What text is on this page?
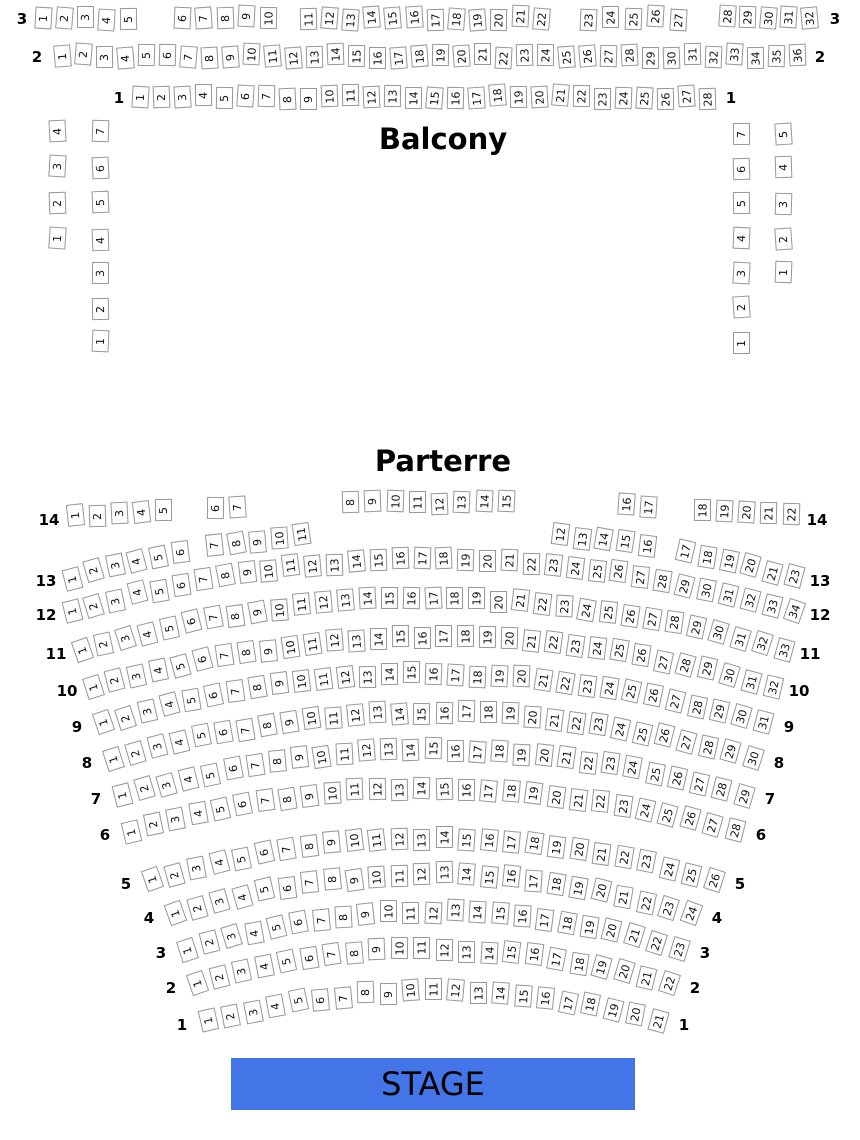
3	3
1 2 3 4 5	6 7 8 9 10 11 12 13 14 15 16 17 18 19 20 21 22	23 24 25 26 27	28 29 30 31 32
2	2
1 2 3 4 5 6 7 8 9 10 11 12 13 14 15 16 17 18 19 20 21 22 23 24 25 26 27 28 29 30 31 32 33 34 35 36
1	1
1 2 3 4
5 6 7 8 9 10 11 12 13 14 15 16 17 18 19 20 21 22 23 24 25 26 27 28
4
3
2
1
7
6
5
4
3
2
1
7
6
5
4
3
2
1
5
4
3
2
1
Balcony
Parterre
14	14
1 2 3 4 5	6 7
8 9 10 11 12 13 14 15	16 17	18 19 20 21 22
13	13
1
2 3 4 5
6
7 8 9 10 11	12 13 14 15 16 17 18 19 20 21 23
12	12
1 2
3
4 5
6
7 8 9 10 11 12 13 14 15 16 17 18 19 20 21 22 23 24 25 26 27 28 29 30 31 32 33 34
11	11
1 2
3 4
5
6 7 8 9 10 11 12 13 14 15 16 17 18 19 20 21 22 23 24 25 26 27 28 29 30 31 32 33
10	10
1
2 3
4 5
6 7 8 9 10 11 12 13 14 15 16 17 18 19 20 21 22 23 24 25 26 27 28 29 30 31 32
9	9
1 2
3
4 5
6 7
8 9 10 11 12 13 14 15 16 17 18 19 20 21 22 23 24 25 26 27 28 29 30 31
8	8
1
2
3 4
5 6 7 8 9 10 11 12 13 14 15 16 17 18 19 20 21 22 23 24 25 26 27 28 29 30
7	7
1
2 3
4 5
6 7 8 9 10 11 12 13 14 15 16 17 18 19 20 21 22 23 24 25 26 27 28 29
6	6
1
2
3
4 5 6 7 8 9 10 11 12 13 14 15 16 17 18 19 20 21 22 23 24 25 26 27 28
5	5
1 2
3
4 5
6 7 8 9 10 11 12 13 14 15 16 17 18 19 20 21 22 23
24 25 26
4	4
1 2
3 4
5 6
7 8 9 10 11 12 13 14 15 16 17 18 19 20 21 22 23 24
3	3
1
2
3 4
5 6 7 8 9 10 11 12 13 14 15 16 17 18 19 20 21 22 23
2	2
1 2
3
4
5 6 7 8 9 10 11 12 13 14 15 16 17 18 19 20 21 22
1	1
1 2 3
4
5 6 7
8 9 10 11 12 13 14 15 16 17 18 19 20 21
STAGE
